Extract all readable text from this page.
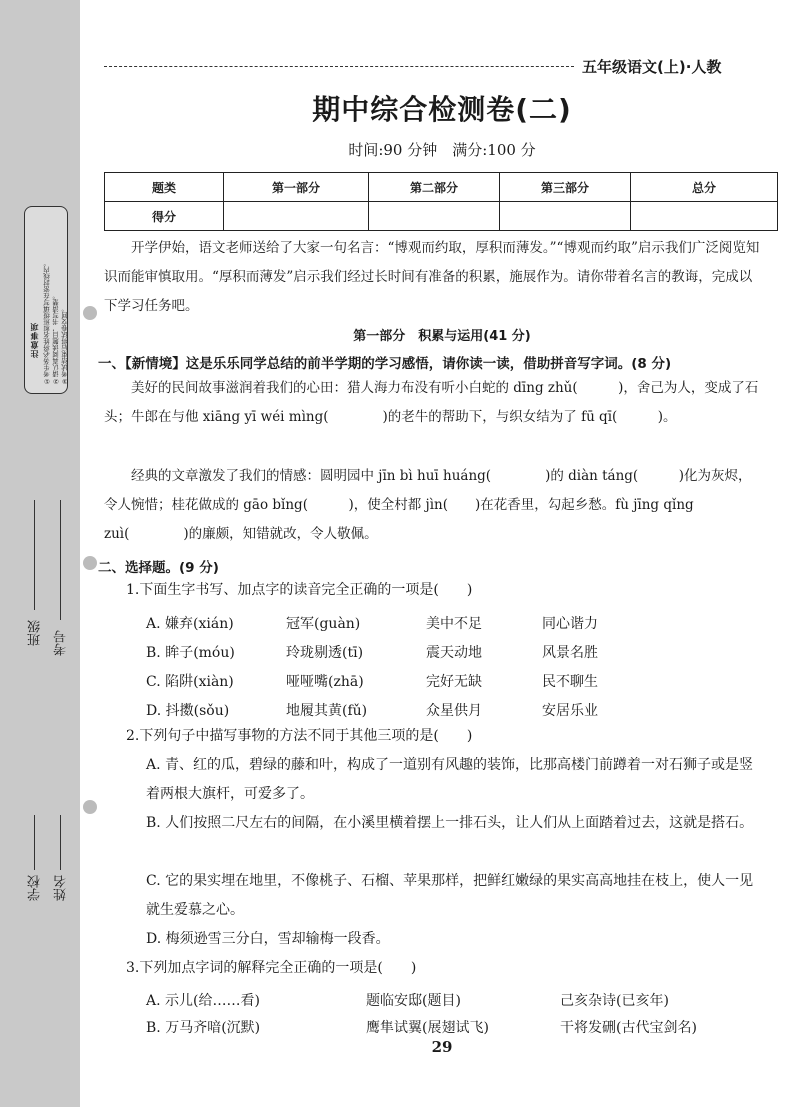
注意事项 ①考生务必将姓名和班级填写在密封线内。 ②请认真阅读题目，书写清楚。 ③考试结束后将试卷交回。
班级 考号
学校 姓名
五年级语文(上)·人教
期中综合检测卷(二)
时间:90 分钟　满分:100 分
题类	第一部分	第二部分	第三部分	总分
得分				

开学伊始，语文老师送给了大家一句名言：“博观而约取，厚积而薄发。”“博观而约取”启示我们广泛阅览知识而能审慎取用。“厚积而薄发”启示我们经过长时间有准备的积累，施展作为。请你带着名言的教诲，完成以下学习任务吧。

第一部分　积累与运用(41 分)
一、【新情境】这是乐乐同学总结的前半学期的学习感悟，请你读一读，借助拼音写字词。(8 分)

美好的民间故事滋润着我们的心田：猎人海力布没有听小白蛇的 dīng zhǔ(　　　)，舍己为人，变成了石头；牛郎在与他 xiāng yī wéi mìng(　　　　)的老牛的帮助下，与织女结为了 fū qī(　　　)。

经典的文章激发了我们的情感：圆明园中 jīn bì huī huáng(　　　　)的 diàn táng(　　　)化为灰烬，令人惋惜；桂花做成的 gāo bǐng(　　　)，使全村都 jìn(　　)在花香里，勾起乡愁。fù jīng qǐng zuì(　　　　)的廉颇，知错就改，令人敬佩。

二、选择题。(9 分)
1.下面生字书写、加点字的读音完全正确的一项是(　　)
A. 嫌弃(xián)	冠军(guàn)	美中不足	同心谐力
B. 眸子(móu)	玲珑剔透(tī)	震天动地	风景名胜
C. 陷阱(xiàn)	哑哑嘴(zhā)	完好无缺	民不聊生
D. 抖擞(sǒu)	地履其黄(fǔ)	众星供月	安居乐业
2.下列句子中描写事物的方法不同于其他三项的是(　　)
A. 青、红的瓜，碧绿的藤和叶，构成了一道别有风趣的装饰，比那高楼门前蹲着一对石狮子或是竖着两根大旗杆，可爱多了。
B. 人们按照二尺左右的间隔，在小溪里横着摆上一排石头，让人们从上面踏着过去，这就是搭石。
C. 它的果实埋在地里，不像桃子、石榴、苹果那样，把鲜红嫩绿的果实高高地挂在枝上，使人一见就生爱慕之心。
D. 梅须逊雪三分白，雪却输梅一段香。
3.下列加点字词的解释完全正确的一项是(　　)
A. 示儿(给……看)	题临安邸(题目)	己亥杂诗(已亥年)
B. 万马齐喑(沉默)	鹰隼试翼(展翅试飞)	干将发硎(古代宝剑名)
29
